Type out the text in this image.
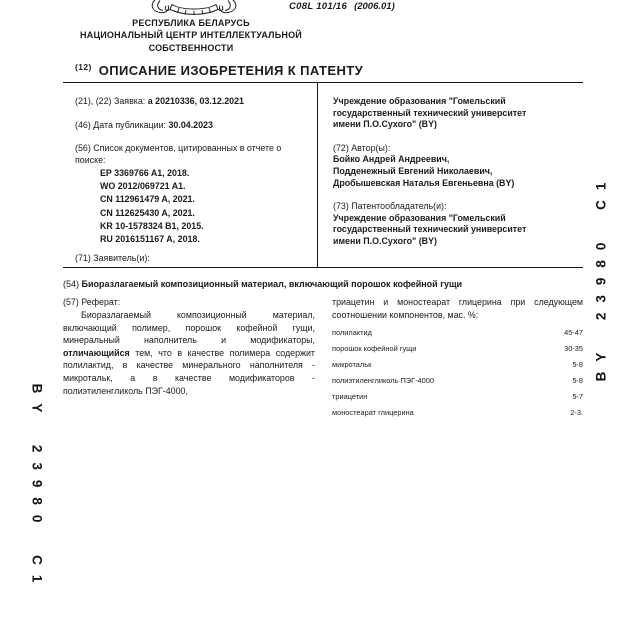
C08L 101/16 (2006.01)
РЕСПУБЛИКА БЕЛАРУСЬ
НАЦИОНАЛЬНЫЙ ЦЕНТР ИНТЕЛЛЕКТУАЛЬНОЙ
СОБСТВЕННОСТИ
$^{(12)}$ ОПИСАНИЕ ИЗОБРЕТЕНИЯ К ПАТЕНТУ
(21), (22) Заявка: а 20210336, 03.12.2021
(46) Дата публикации: 30.04.2023
(56) Список документов, цитированных в отчете о поиске:
EP 3369766 A1, 2018.
WO 2012/069721 A1.
CN 112961479 A, 2021.
CN 112625430 A, 2021.
KR 10-1578324 B1, 2015.
RU 2016151167 A, 2018.
(71) Заявитель(и):
Учреждение образования "Гомельский
государственный технический университет
имени П.О.Сухого" (BY)
(72) Автор(ы):
Бойко Андрей Андреевич,
Подденежный Евгений Николаевич,
Дробышевская Наталья Евгеньевна (BY)
(73) Патентообладатель(и):
Учреждение образования "Гомельский
государственный технический университет
имени П.О.Сухого" (BY)
(54) Биоразлагаемый композиционный материал, включающий порошок кофейной гущи
(57) Реферат:
Биоразлагаемый композиционный материал, включающий полимер, порошок кофейной гущи, минеральный наполнитель и модификаторы, отличающийся тем, что в качестве полимера содержит полилактид, в качестве минерального наполнителя - микротальк, а в качестве модификаторов - полиэтиленгликоль ПЭГ-4000,
триацетин и моностеарат глицерина при следующем соотношении компонентов, мас. %:
полилактид	45-47
порошок кофейной гущи	30-35
микротальк	5-8
полиэтиленгликоль ПЭГ-4000	5-8
триацетин	5-7
моностеарат глицерина	2-3.
BY 23980 C1
BY 23980 C1
